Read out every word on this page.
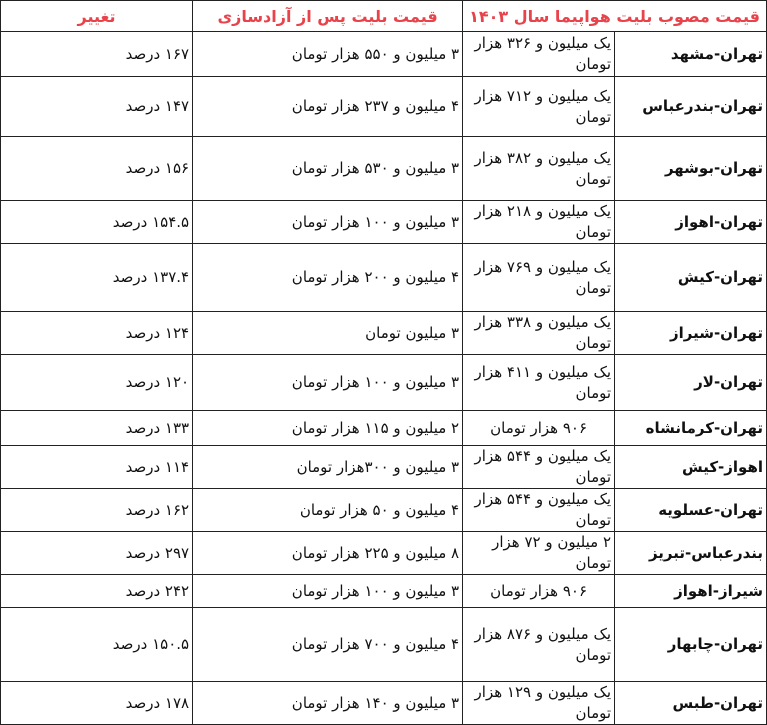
قیمت مصوب بلیت هواپیما سال ۱۴۰۳		قیمت بلیت پس از آزادسازی	تغییر
تهران-مشهد	یک میلیون و ۳۲۶ هزار تومان	۳ میلیون و ۵۵۰ هزار تومان	۱۶۷ درصد
تهران-بندرعباس	یک میلیون و ۷۱۲ هزار تومان	۴ میلیون و ۲۳۷ هزار تومان	۱۴۷ درصد
تهران-بوشهر	یک میلیون و ۳۸۲ هزار تومان	۳ میلیون و ۵۳۰ هزار تومان	۱۵۶ درصد
تهران-اهواز	یک میلیون و ۲۱۸ هزار تومان	۳ میلیون و ۱۰۰ هزار تومان	۱۵۴.۵ درصد
تهران-کیش	یک میلیون و ۷۶۹ هزار تومان	۴ میلیون و ۲۰۰ هزار تومان	۱۳۷.۴ درصد
تهران-شیراز	یک میلیون و ۳۳۸ هزار تومان	۳ میلیون تومان	۱۲۴ درصد
تهران-لار	یک میلیون و ۴۱۱ هزار تومان	۳ میلیون و ۱۰۰ هزار تومان	۱۲۰ درصد
تهران-کرمانشاه	۹۰۶ هزار تومان	۲ میلیون و ۱۱۵ هزار تومان	۱۳۳ درصد
اهواز-کیش	یک میلیون و ۵۴۴ هزار تومان	۳ میلیون و ۳۰۰هزار تومان	۱۱۴ درصد
تهران-عسلویه	یک میلیون و ۵۴۴ هزار تومان	۴ میلیون و ۵۰ هزار تومان	۱۶۲ درصد
بندرعباس-تبریز	۲ میلیون و ۷۲ هزار تومان	۸ میلیون و ۲۲۵ هزار تومان	۲۹۷ درصد
شیراز-اهواز	۹۰۶ هزار تومان	۳ میلیون و ۱۰۰ هزار تومان	۲۴۲ درصد
تهران-چابهار	یک میلیون و ۸۷۶ هزار تومان	۴ میلیون و ۷۰۰ هزار تومان	۱۵۰.۵ درصد
تهران-طبس	یک میلیون و ۱۲۹ هزار تومان	۳ میلیون و ۱۴۰ هزار تومان	۱۷۸ درصد
